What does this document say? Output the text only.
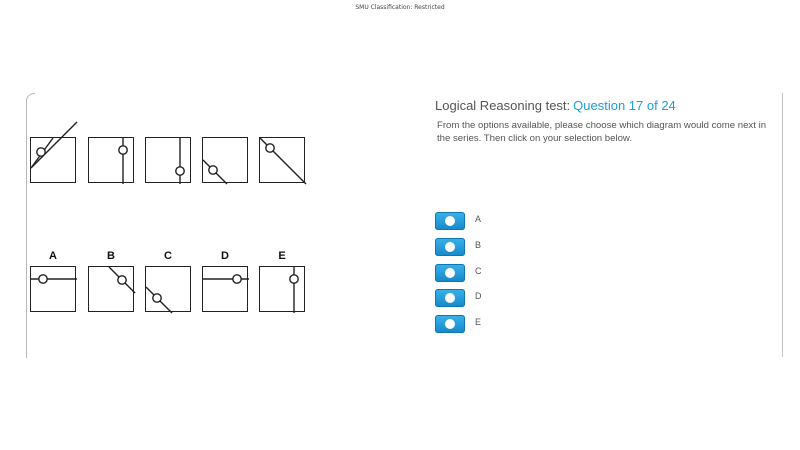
SMU Classification: Restricted
A	B	C	D	E
Logical Reasoning test: Question 17 of 24
From the options available, please choose which diagram would come next in the series. Then click on your selection below.
A
B
C
D
E
